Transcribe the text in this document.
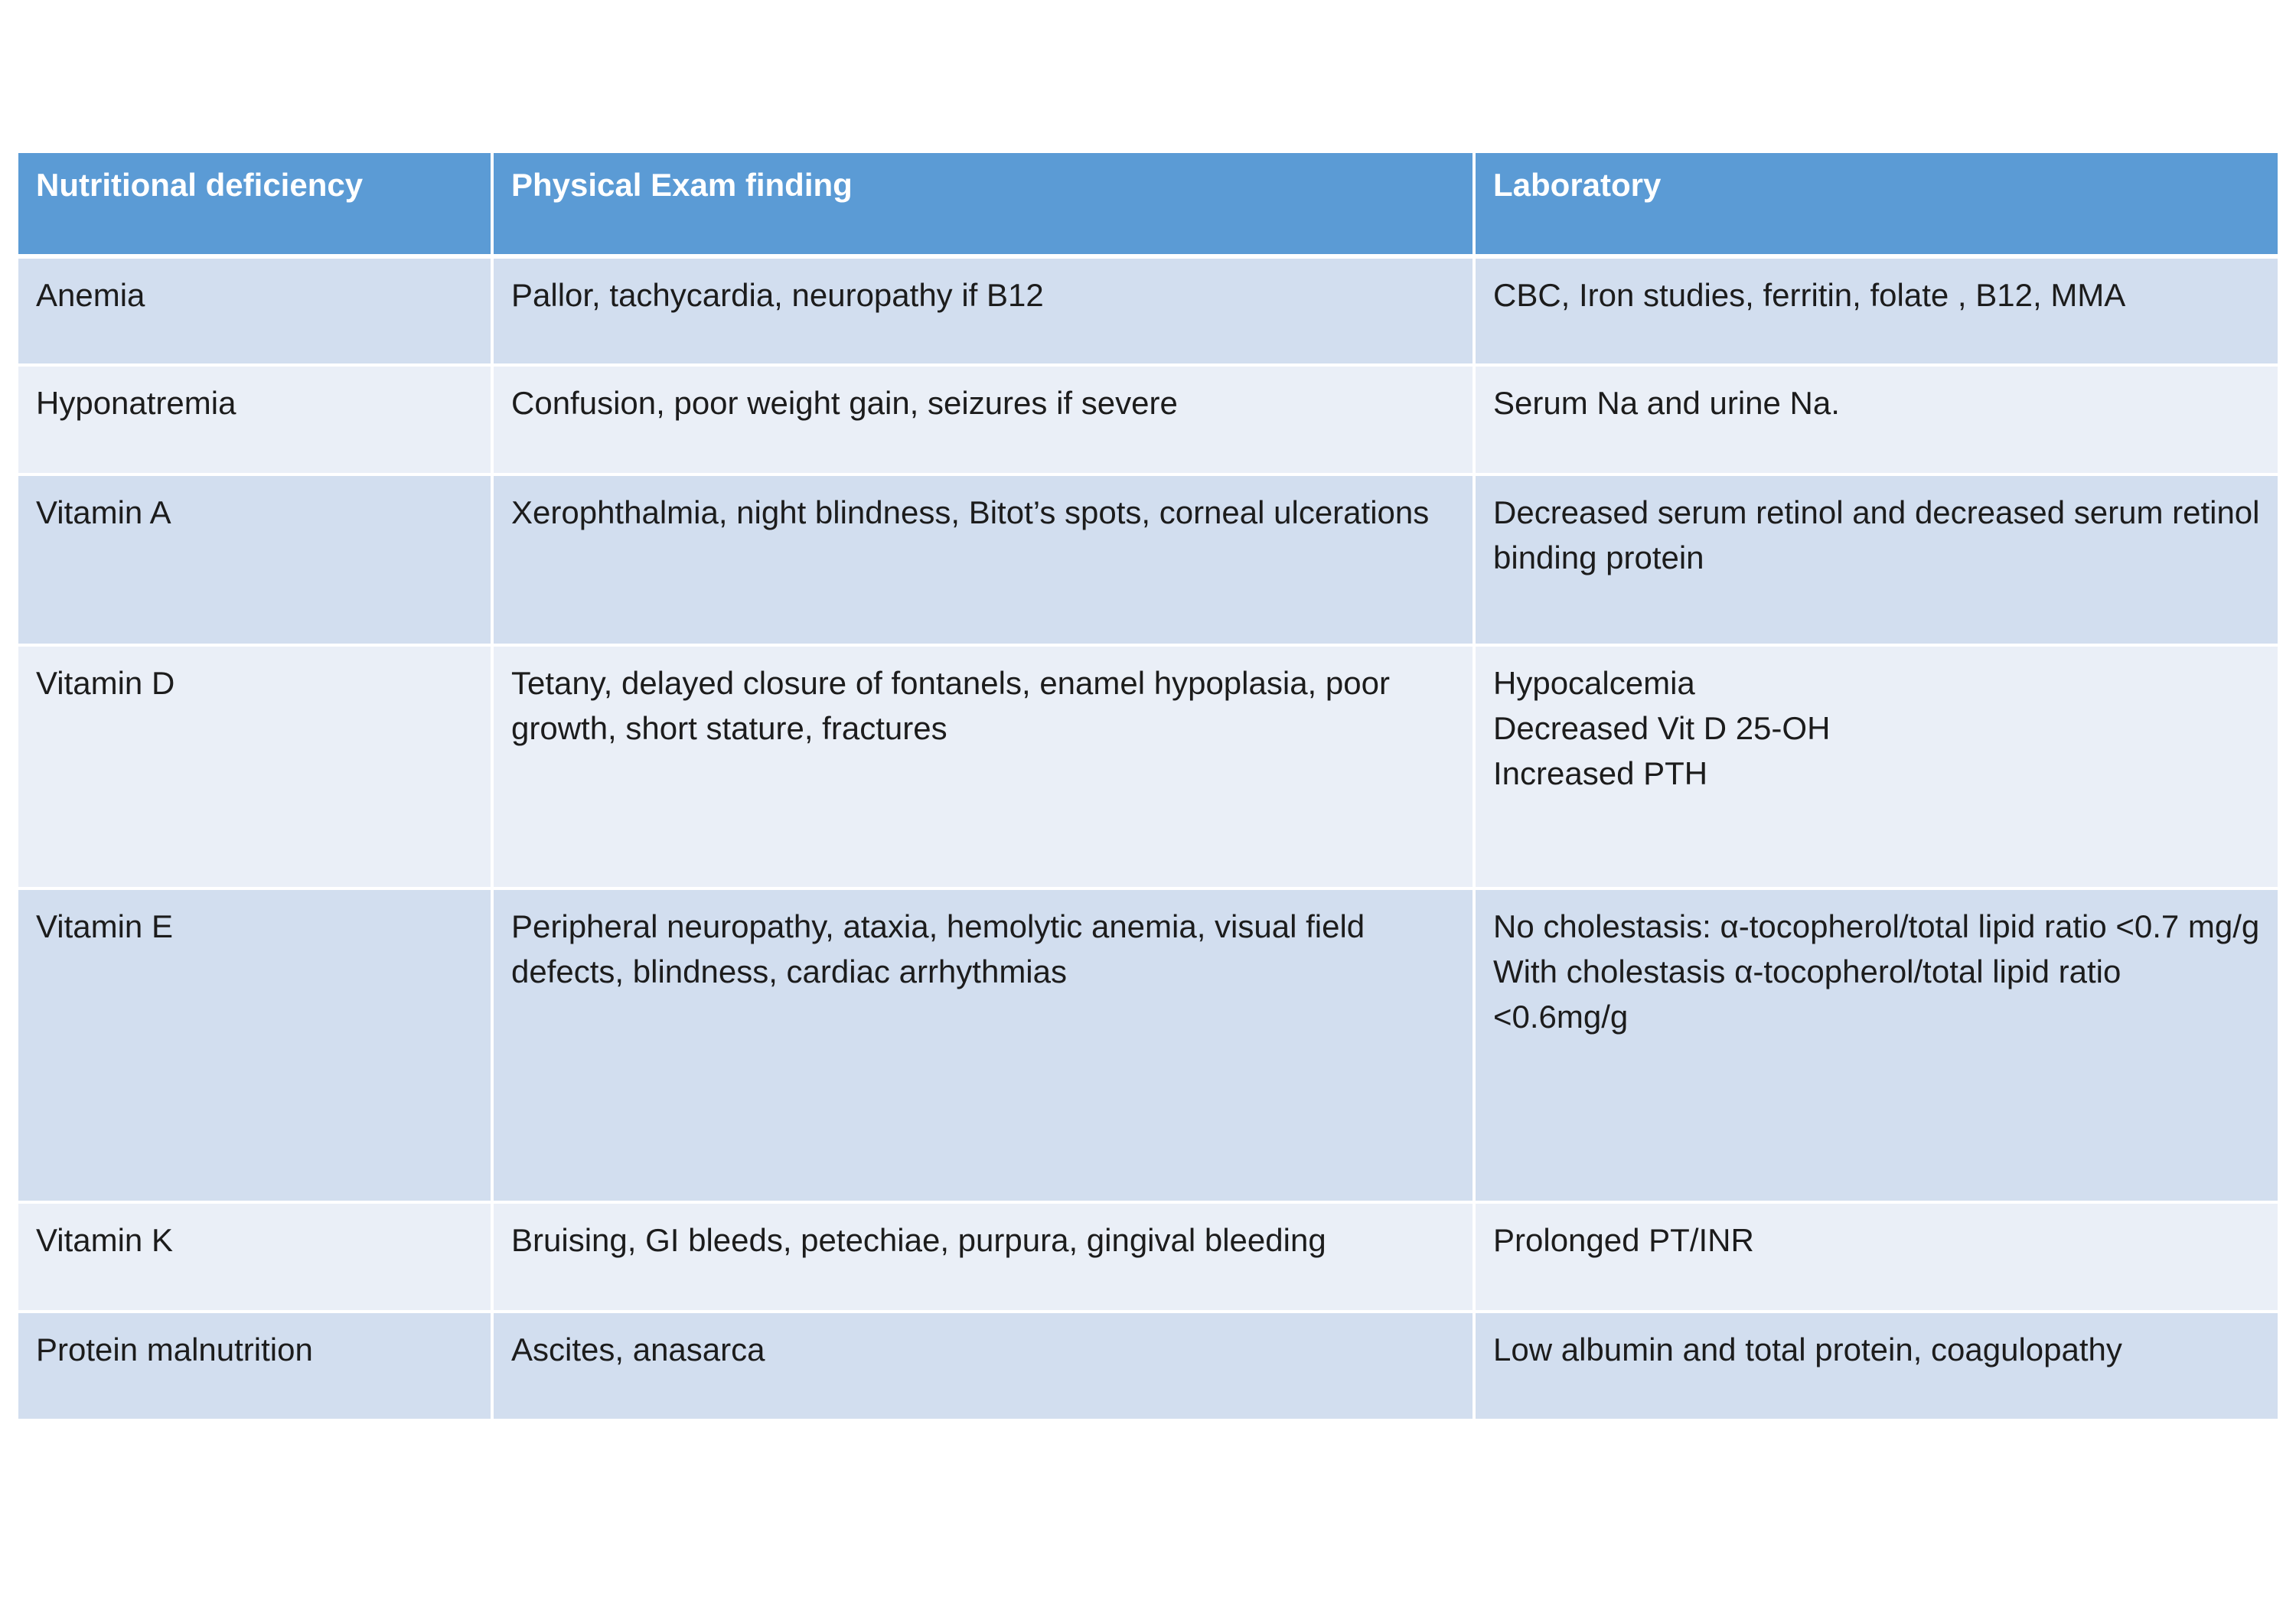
Nutritional deficiency	Physical Exam finding	Laboratory
Anemia	Pallor, tachycardia, neuropathy if B12	CBC, Iron studies, ferritin, folate , B12, MMA

Hyponatremia	Confusion, poor weight gain, seizures if severe	Serum Na and urine Na.

Vitamin A	Xerophthalmia, night blindness, Bitot’s spots, corneal ulcerations	Decreased serum retinol and decreased serum retinol binding protein

Vitamin D	Tetany, delayed closure of fontanels, enamel hypoplasia, poor growth, short stature, fractures	Hypocalcemia
Decreased Vit D 25-OH
Increased PTH

Vitamin E	Peripheral neuropathy, ataxia, hemolytic anemia, visual field defects, blindness, cardiac arrhythmias	No cholestasis: α-tocopherol/total lipid ratio <0.7 mg/g
With cholestasis α-tocopherol/total lipid ratio <0.6mg/g

Vitamin K	Bruising, GI bleeds, petechiae, purpura, gingival bleeding	Prolonged PT/INR

Protein malnutrition	Ascites, anasarca	Low albumin and total protein, coagulopathy
